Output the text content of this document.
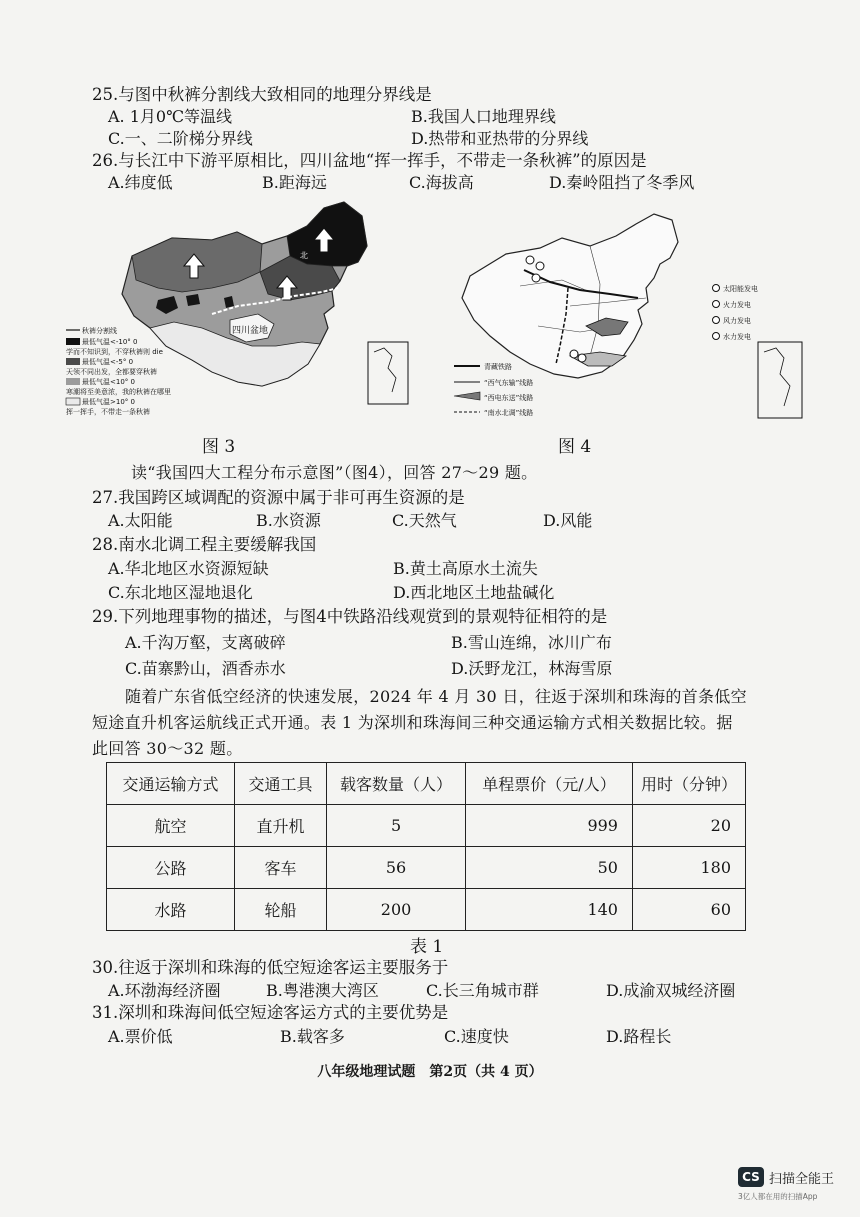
25.与图中秋裤分割线大致相同的地理分界线是
A. 1月0℃等温线	B.我国人口地理界线
C.一、二阶梯分界线	D.热带和亚热带的分界线
26.与长江中下游平原相比，四川盆地“挥一挥手，不带走一条秋裤”的原因是
A.纬度低	B.距海远	C.海拔高	D.秦岭阻挡了冬季风
四川盆地
北
秋裤分割线
最低气温<-10° 0
学而不知识到，不穿秋裤则 die
最低气温<-5° 0
天领不同出发，全都要穿秋裤
最低气温<10° 0
寒潮将至美意浓，我的秋裤在哪里
最低气温>10° 0
挥一挥手，不带走一条秋裤
图 3
青藏铁路
“西气东输”线路
“西电东送”线路
“南水北调”线路
太阳能发电
火力发电
风力发电
水力发电
图 4
读“我国四大工程分布示意图”（图4），回答 27～29 题。
27.我国跨区域调配的资源中属于非可再生资源的是
A.太阳能	B.水资源	C.天然气	D.风能
28.南水北调工程主要缓解我国
A.华北地区水资源短缺	B.黄土高原水土流失
C.东北地区湿地退化	D.西北地区土地盐碱化
29.下列地理事物的描述，与图4中铁路沿线观赏到的景观特征相符的是
A.千沟万壑，支离破碎	B.雪山连绵，冰川广布
C.苗寨黔山，酒香赤水	D.沃野龙江，林海雪原
随着广东省低空经济的快速发展，2024 年 4 月 30 日，往返于深圳和珠海的首条低空
短途直升机客运航线正式开通。表 1 为深圳和珠海间三种交通运输方式相关数据比较。据
此回答 30～32 题。
交通运输方式	交通工具	载客数量（人）	单程票价（元/人）	用时（分钟）
航空	直升机	5	999	20
公路	客车	56	50	180
水路	轮船	200	140	60
表 1
30.往返于深圳和珠海的低空短途客运主要服务于
A.环渤海经济圈	B.粤港澳大湾区	C.长三角城市群	D.成渝双城经济圈
31.深圳和珠海间低空短途客运方式的主要优势是
A.票价低	B.载客多	C.速度快	D.路程长
八年级地理试题　第2页（共 4 页）
CS 扫描全能王
3亿人都在用的扫描App
